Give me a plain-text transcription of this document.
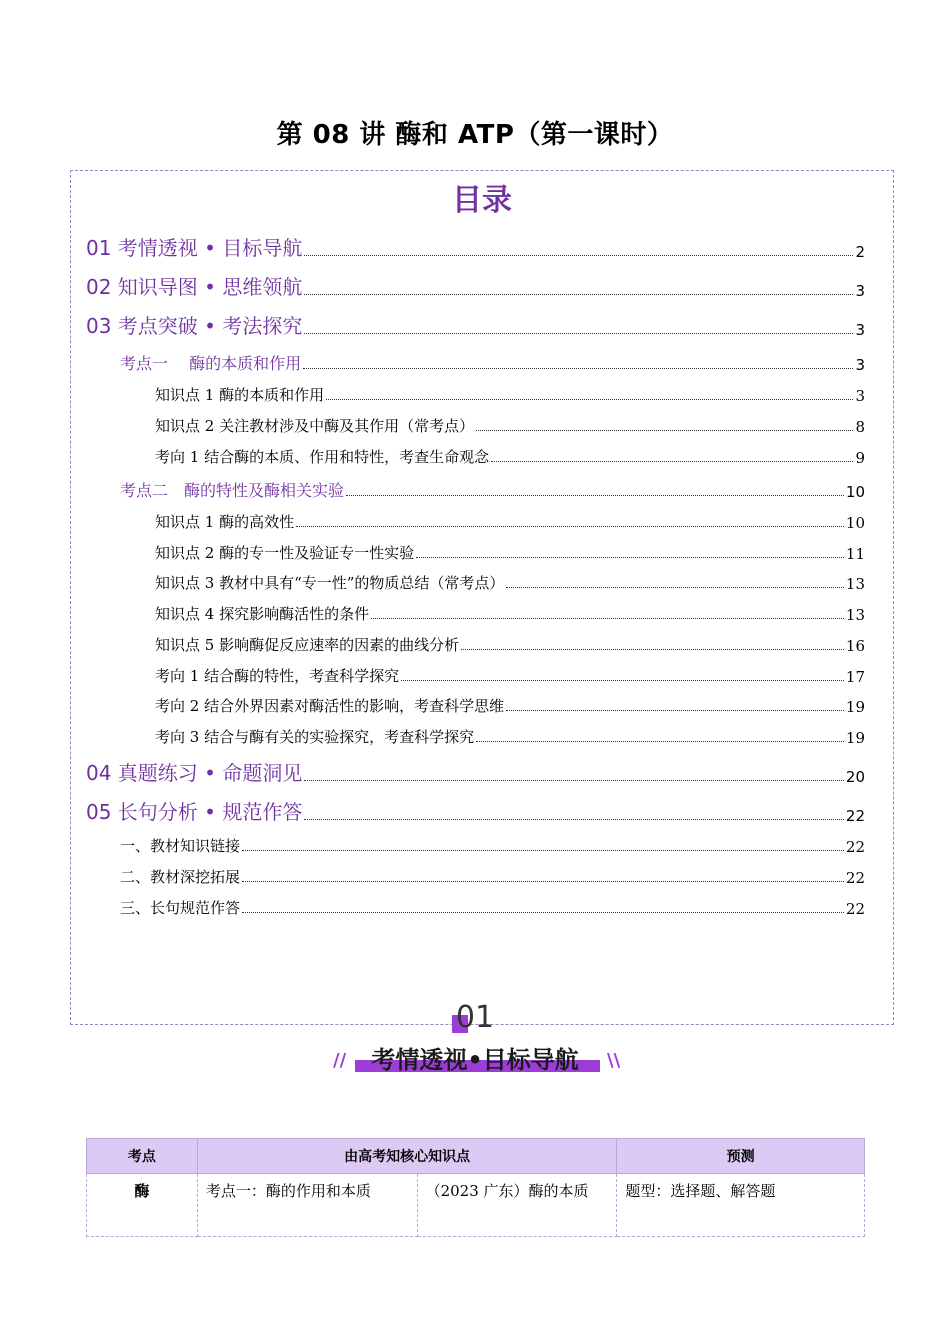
第 08 讲 酶和 ATP（第一课时）
目录
01 考情透视 • 目标导航	2
02 知识导图 • 思维领航	3
03 考点突破 • 考法探究	3
考点一　 酶的本质和作用	3
知识点 1 酶的本质和作用	3
知识点 2 关注教材涉及中酶及其作用（常考点）	8
考向 1 结合酶的本质、作用和特性，考查生命观念	9
考点二　酶的特性及酶相关实验	10
知识点 1 酶的高效性	10
知识点 2 酶的专一性及验证专一性实验	11
知识点 3 教材中具有“专一性”的物质总结（常考点）	13
知识点 4 探究影响酶活性的条件	13
知识点 5 影响酶促反应速率的因素的曲线分析	16
考向 1 结合酶的特性，考查科学探究	17
考向 2 结合外界因素对酶活性的影响，考查科学思维	19
考向 3 结合与酶有关的实验探究，考查科学探究	19
04 真题练习 • 命题洞见	20
05 长句分析 • 规范作答	22
一、教材知识链接	22
二、教材深挖拓展	22
三、长句规范作答	22
01
//	\\
考情透视•目标导航
考点	由高考知核心知识点		预测
酶	考点一：酶的作用和本质	（2023 广东）酶的本质	题型：选择题、解答题
